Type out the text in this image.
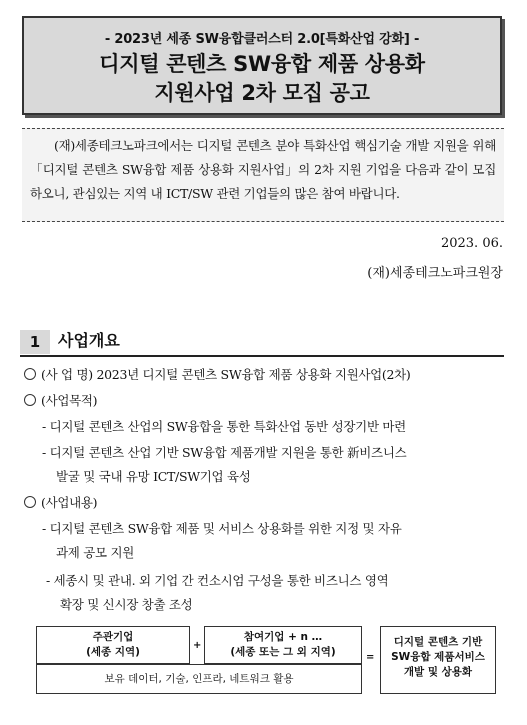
- 2023년 세종 SW융합클러스터 2.0[특화산업 강화] -
디지털 콘텐츠 SW융합 제품 상용화
지원사업 2차 모집 공고

(재)세종테크노파크에서는 디지털 콘텐츠 분야 특화산업 핵심기술 개발 지원을 위해「디지털 콘텐츠 SW융합 제품 상용화 지원사업」의 2차 지원 기업을 다음과 같이 모집하오니, 관심있는 지역 내 ICT/SW 관련 기업들의 많은 참여 바랍니다.

2023. 06.
(재)세종테크노파크원장
1	사업개요
(사 업 명) 2023년 디지털 콘텐츠 SW융합 제품 상용화 지원사업(2차)
(사업목적)
- 디지털 콘텐츠 산업의 SW융합을 통한 특화산업 동반 성장기반 마련
- 디지털 콘텐츠 산업 기반 SW융합 제품개발 지원을 통한 新비즈니스
발굴 및 국내 유망 ICT/SW기업 육성
(사업내용)
- 디지털 콘텐츠 SW융합 제품 및 서비스 상용화를 위한 지정 및 자유
과제 공모 지원
- 세종시 및 관내. 외 기업 간 컨소시엄 구성을 통한 비즈니스 영역
확장 및 신시장 창출 조성
주관기업
(세종 지역)
+
참여기업 + n …
(세종 또는 그 외 지역)
보유 데이터, 기술, 인프라, 네트워크 활용
=
디지털 콘텐츠 기반
SW융합 제품서비스
개발 및 상용화
